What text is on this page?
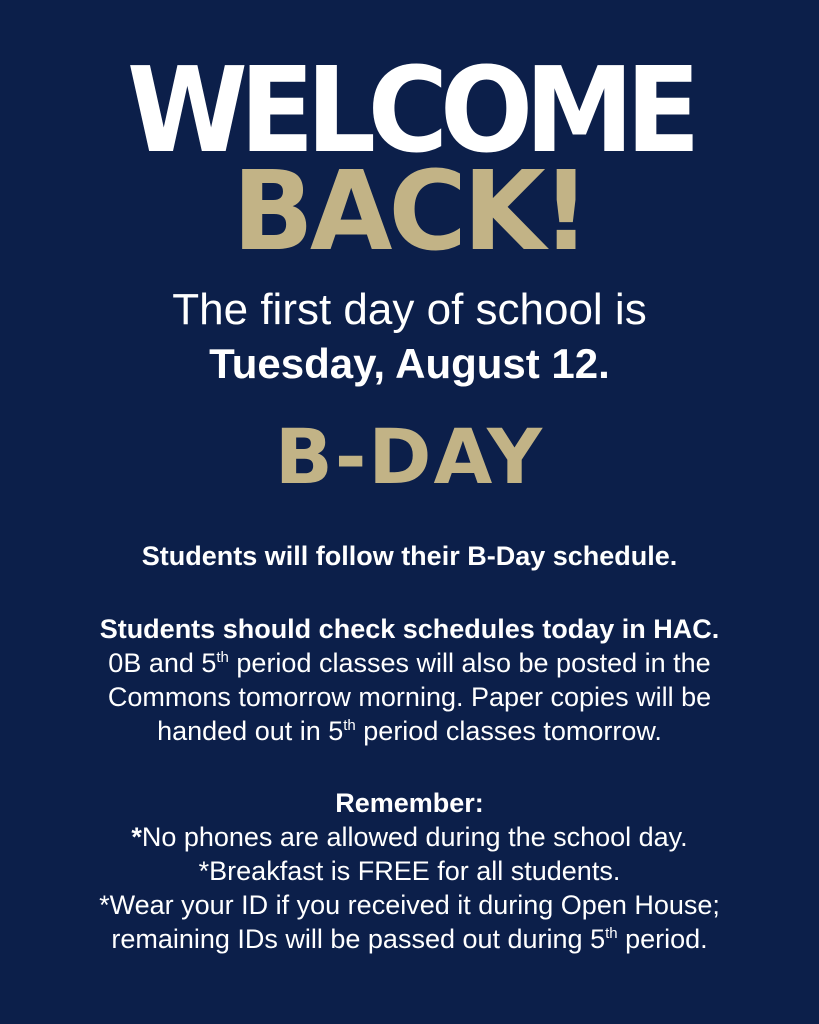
WELCOME
BACK!
The first day of school is
Tuesday, August 12.
B-DAY
Students will follow their B-Day schedule.
Students should check schedules today in HAC.
0B and 5th period classes will also be posted in the
Commons tomorrow morning. Paper copies will be
handed out in 5th period classes tomorrow.
Remember:
*No phones are allowed during the school day.
*Breakfast is FREE for all students.
*Wear your ID if you received it during Open House;
remaining IDs will be passed out during 5th period.
